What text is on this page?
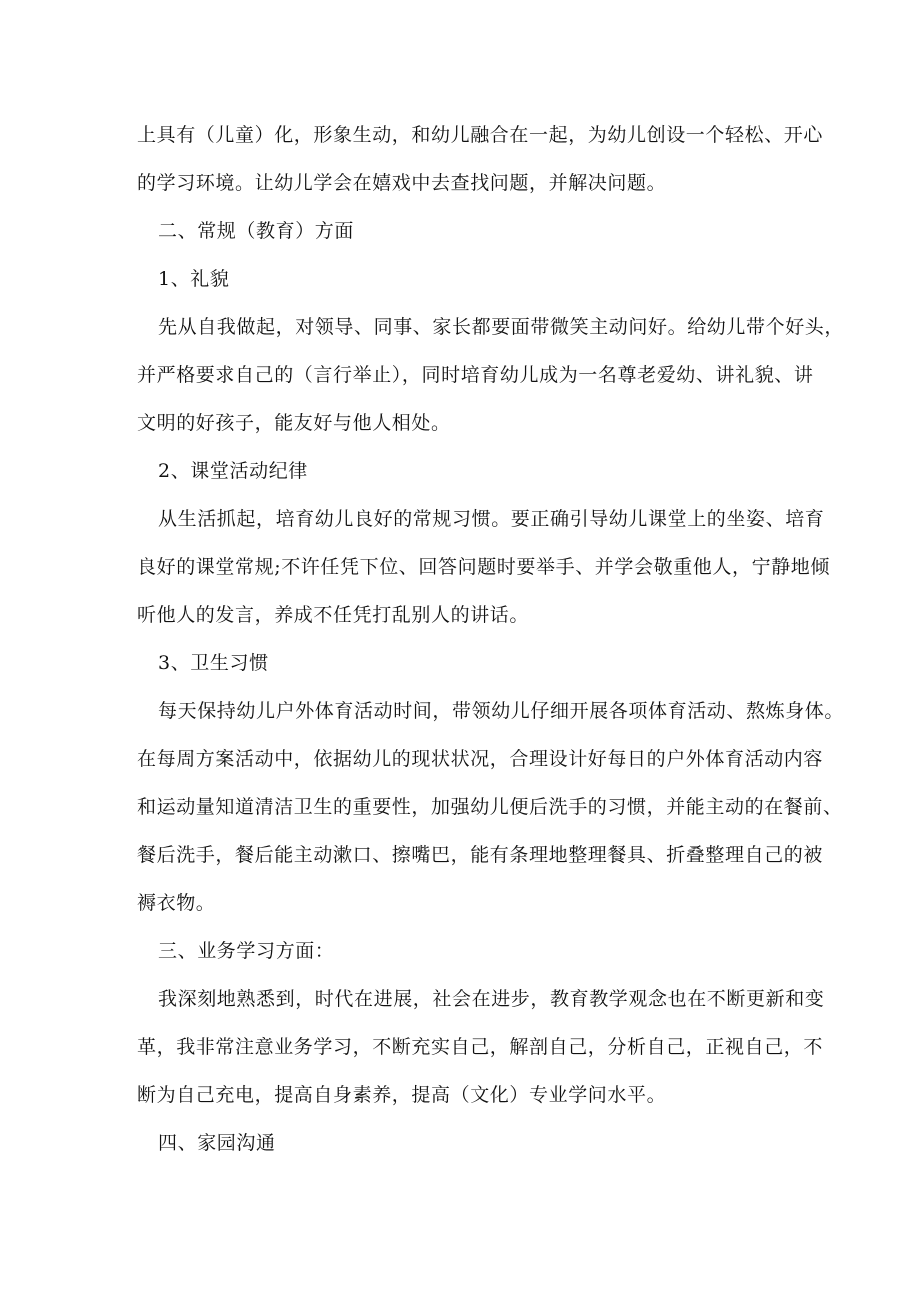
上具有（儿童）化，形象生动，和幼儿融合在一起，为幼儿创设一个轻松、开心
的学习环境。让幼儿学会在嬉戏中去查找问题，并解决问题。
二、常规（教育）方面
1、礼貌
先从自我做起，对领导、同事、家长都要面带微笑主动问好。给幼儿带个好头，
并严格要求自己的（言行举止），同时培育幼儿成为一名尊老爱幼、讲礼貌、讲
文明的好孩子，能友好与他人相处。
2、课堂活动纪律
从生活抓起，培育幼儿良好的常规习惯。要正确引导幼儿课堂上的坐姿、培育
良好的课堂常规;不许任凭下位、回答问题时要举手、并学会敬重他人，宁静地倾
听他人的发言，养成不任凭打乱别人的讲话。
3、卫生习惯
每天保持幼儿户外体育活动时间，带领幼儿仔细开展各项体育活动、熬炼身体。
在每周方案活动中，依据幼儿的现状状况，合理设计好每日的户外体育活动内容
和运动量知道清洁卫生的重要性，加强幼儿便后洗手的习惯，并能主动的在餐前、
餐后洗手，餐后能主动漱口、擦嘴巴，能有条理地整理餐具、折叠整理自己的被
褥衣物。
三、业务学习方面：
我深刻地熟悉到，时代在进展，社会在进步，教育教学观念也在不断更新和变
革，我非常注意业务学习，不断充实自己，解剖自己，分析自己，正视自己，不
断为自己充电，提高自身素养，提高（文化）专业学问水平。
四、家园沟通
